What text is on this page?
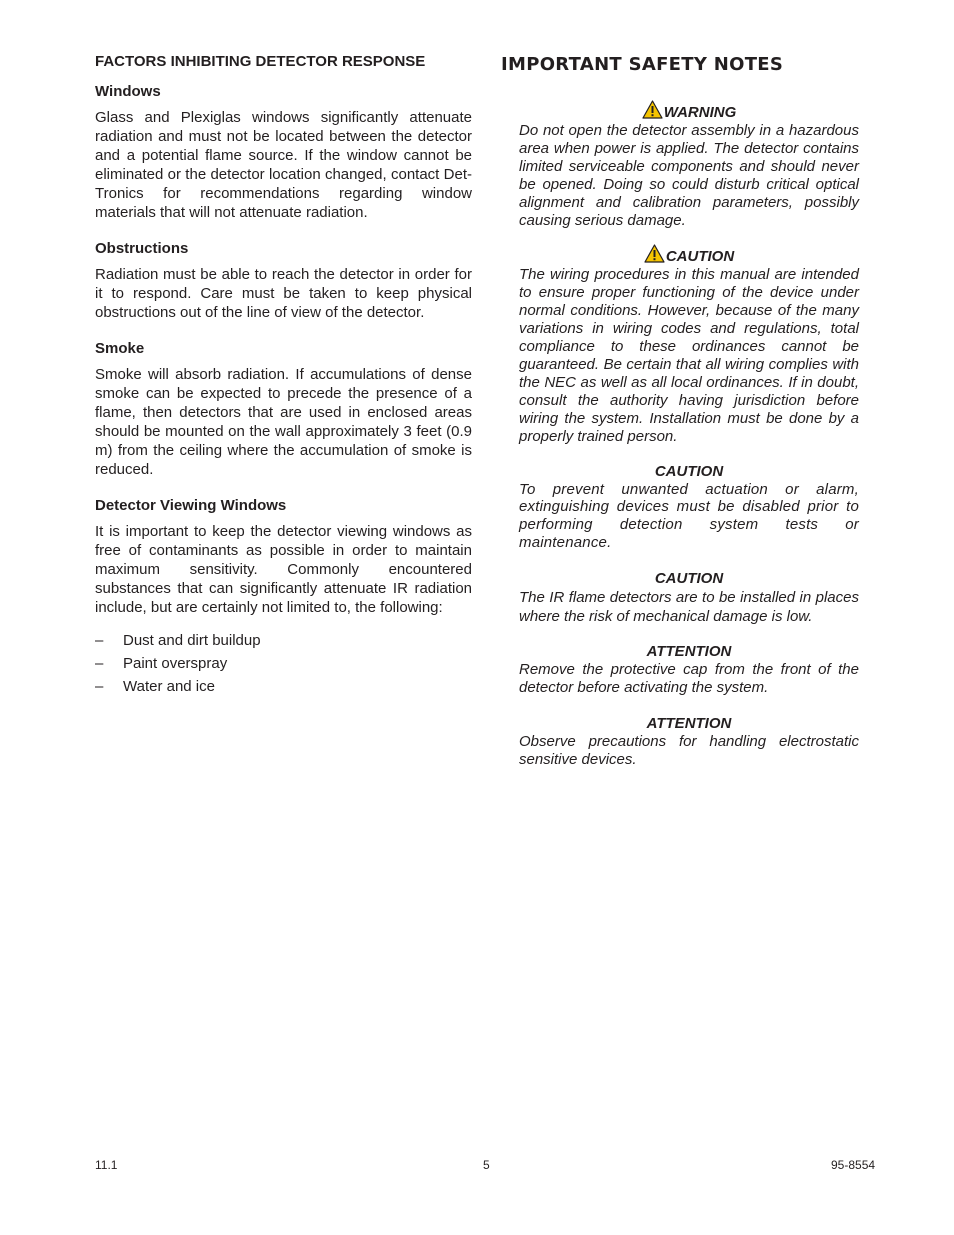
FACTORS INHIBITING DETECTOR RESPONSE
Windows

Glass and Plexiglas windows significantly attenuate radiation and must not be located between the detector and a potential flame source. If the window cannot be eliminated or the detector location changed, contact Det-Tronics for recommendations regarding window materials that will not attenuate radiation.

Obstructions

Radiation must be able to reach the detector in order for it to respond. Care must be taken to keep physical obstructions out of the line of view of the detector.

Smoke

Smoke will absorb radiation. If accumulations of dense smoke can be expected to precede the presence of a flame, then detectors that are used in enclosed areas should be mounted on the wall approximately 3 feet (0.9 m) from the ceiling where the accumulation of smoke is reduced.

Detector Viewing Windows

It is important to keep the detector viewing windows as free of contaminants as possible in order to maintain maximum sensitivity. Commonly encountered substances that can significantly attenuate IR radiation include, but are certainly not limited to, the following:

–	Dust and dirt buildup
–	Paint overspray
–	Water and ice
IMPORTANT SAFETY NOTES
WARNING
Do not open the detector assembly in a hazardous area when power is applied. The detector contains limited serviceable components and should never be opened. Doing so could disturb critical optical alignment and calibration parameters, possibly causing serious damage.
CAUTION
The wiring procedures in this manual are intended to ensure proper functioning of the device under normal conditions. However, because of the many variations in wiring codes and regulations, total compliance to these ordinances cannot be guaranteed. Be certain that all wiring complies with the NEC as well as all local ordinances. If in doubt, consult the authority having jurisdiction before wiring the system. Installation must be done by a properly trained person.
CAUTION
To prevent unwanted actuation or alarm, extinguishing devices must be disabled prior to performing detection system tests or maintenance.
CAUTION
The IR flame detectors are to be installed in places where the risk of mechanical damage is low.
ATTENTION
Remove the protective cap from the front of the detector before activating the system.
ATTENTION
Observe precautions for handling electrostatic sensitive devices.
11.1	5	95-8554
